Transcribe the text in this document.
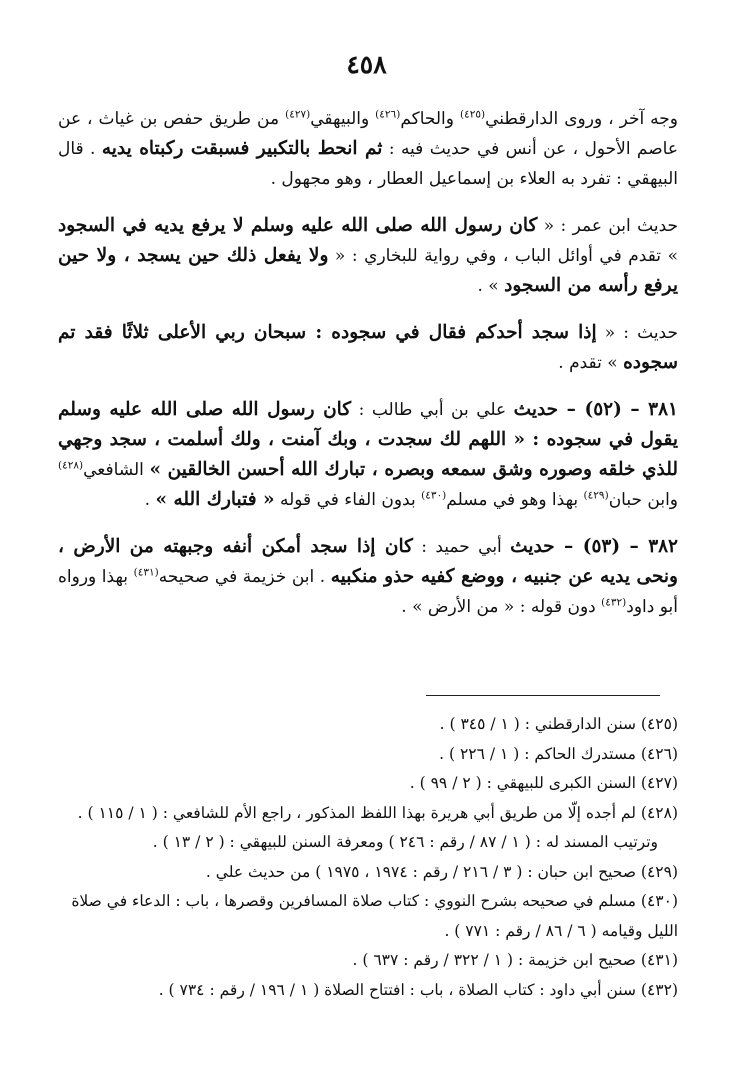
٤٥٨

وجه آخر ، وروى الدارقطني$^{(٤٢٥)}$ والحاكم$^{(٤٢٦)}$ والبيهقي$^{(٤٢٧)}$ من طريق حفص بن غياث ، عن عاصم الأحول ، عن أنس في حديث فيه : ثم انحط بالتكبير فسبقت ركبتاه يديه . قال البيهقي : تفرد به العلاء بن إسماعيل العطار ، وهو مجهول .

حديث ابن عمر : « كان رسول الله صلى الله عليه وسلم لا يرفع يديه في السجود » تقدم في أوائل الباب ، وفي رواية للبخاري : « ولا يفعل ذلك حين يسجد ، ولا حين يرفع رأسه من السجود » .

حديث : « إذا سجد أحدكم فقال في سجوده : سبحان ربي الأعلى ثلاثًا فقد تم سجوده » تقدم .

٣٨١ – (٥٢) – حديث علي بن أبي طالب : كان رسول الله صلى الله عليه وسلم يقول في سجوده : « اللهم لك سجدت ، وبك آمنت ، ولك أسلمت ، سجد وجهي للذي خلقه وصوره وشق سمعه وبصره ، تبارك الله أحسن الخالقين » الشافعي$^{(٤٢٨)}$ وابن حبان$^{(٤٢٩)}$ بهذا وهو في مسلم$^{(٤٣٠)}$ بدون الفاء في قوله « فتبارك الله » .

٣٨٢ – (٥٣) – حديث أبي حميد : كان إذا سجد أمكن أنفه وجبهته من الأرض ، ونحى يديه عن جنبيه ، ووضع كفيه حذو منكبيه . ابن خزيمة في صحيحه$^{(٤٣١)}$ بهذا ورواه أبو داود$^{(٤٣٢)}$ دون قوله : « من الأرض » .

(٤٢٥) سنن الدارقطني : ( ١ / ٣٤٥ ) .

(٤٢٦) مستدرك الحاكم : ( ١ / ٢٢٦ ) .

(٤٢٧) السنن الكبرى للبيهقي : ( ٢ / ٩٩ ) .

(٤٢٨) لم أجده إلّا من طريق أبي هريرة بهذا اللفظ المذكور ، راجع الأم للشافعي : ( ١ / ١١٥ ) .

وترتيب المسند له : ( ١ / ٨٧ / رقم : ٢٤٦ ) ومعرفة السنن للبيهقي : ( ٢ / ١٣ ) .

(٤٢٩) صحيح ابن حبان : ( ٣ / ٢١٦ / رقم : ١٩٧٤ ، ١٩٧٥ ) من حديث علي .

(٤٣٠) مسلم في صحيحه بشرح النووي : كتاب صلاة المسافرين وقصرها ، باب : الدعاء في صلاة الليل وقيامه ( ٦ / ٨٦ / رقم : ٧٧١ ) .

(٤٣١) صحيح ابن خزيمة : ( ١ / ٣٢٢ / رقم : ٦٣٧ ) .

(٤٣٢) سنن أبي داود : كتاب الصلاة ، باب : افتتاح الصلاة ( ١ / ١٩٦ / رقم : ٧٣٤ ) .
